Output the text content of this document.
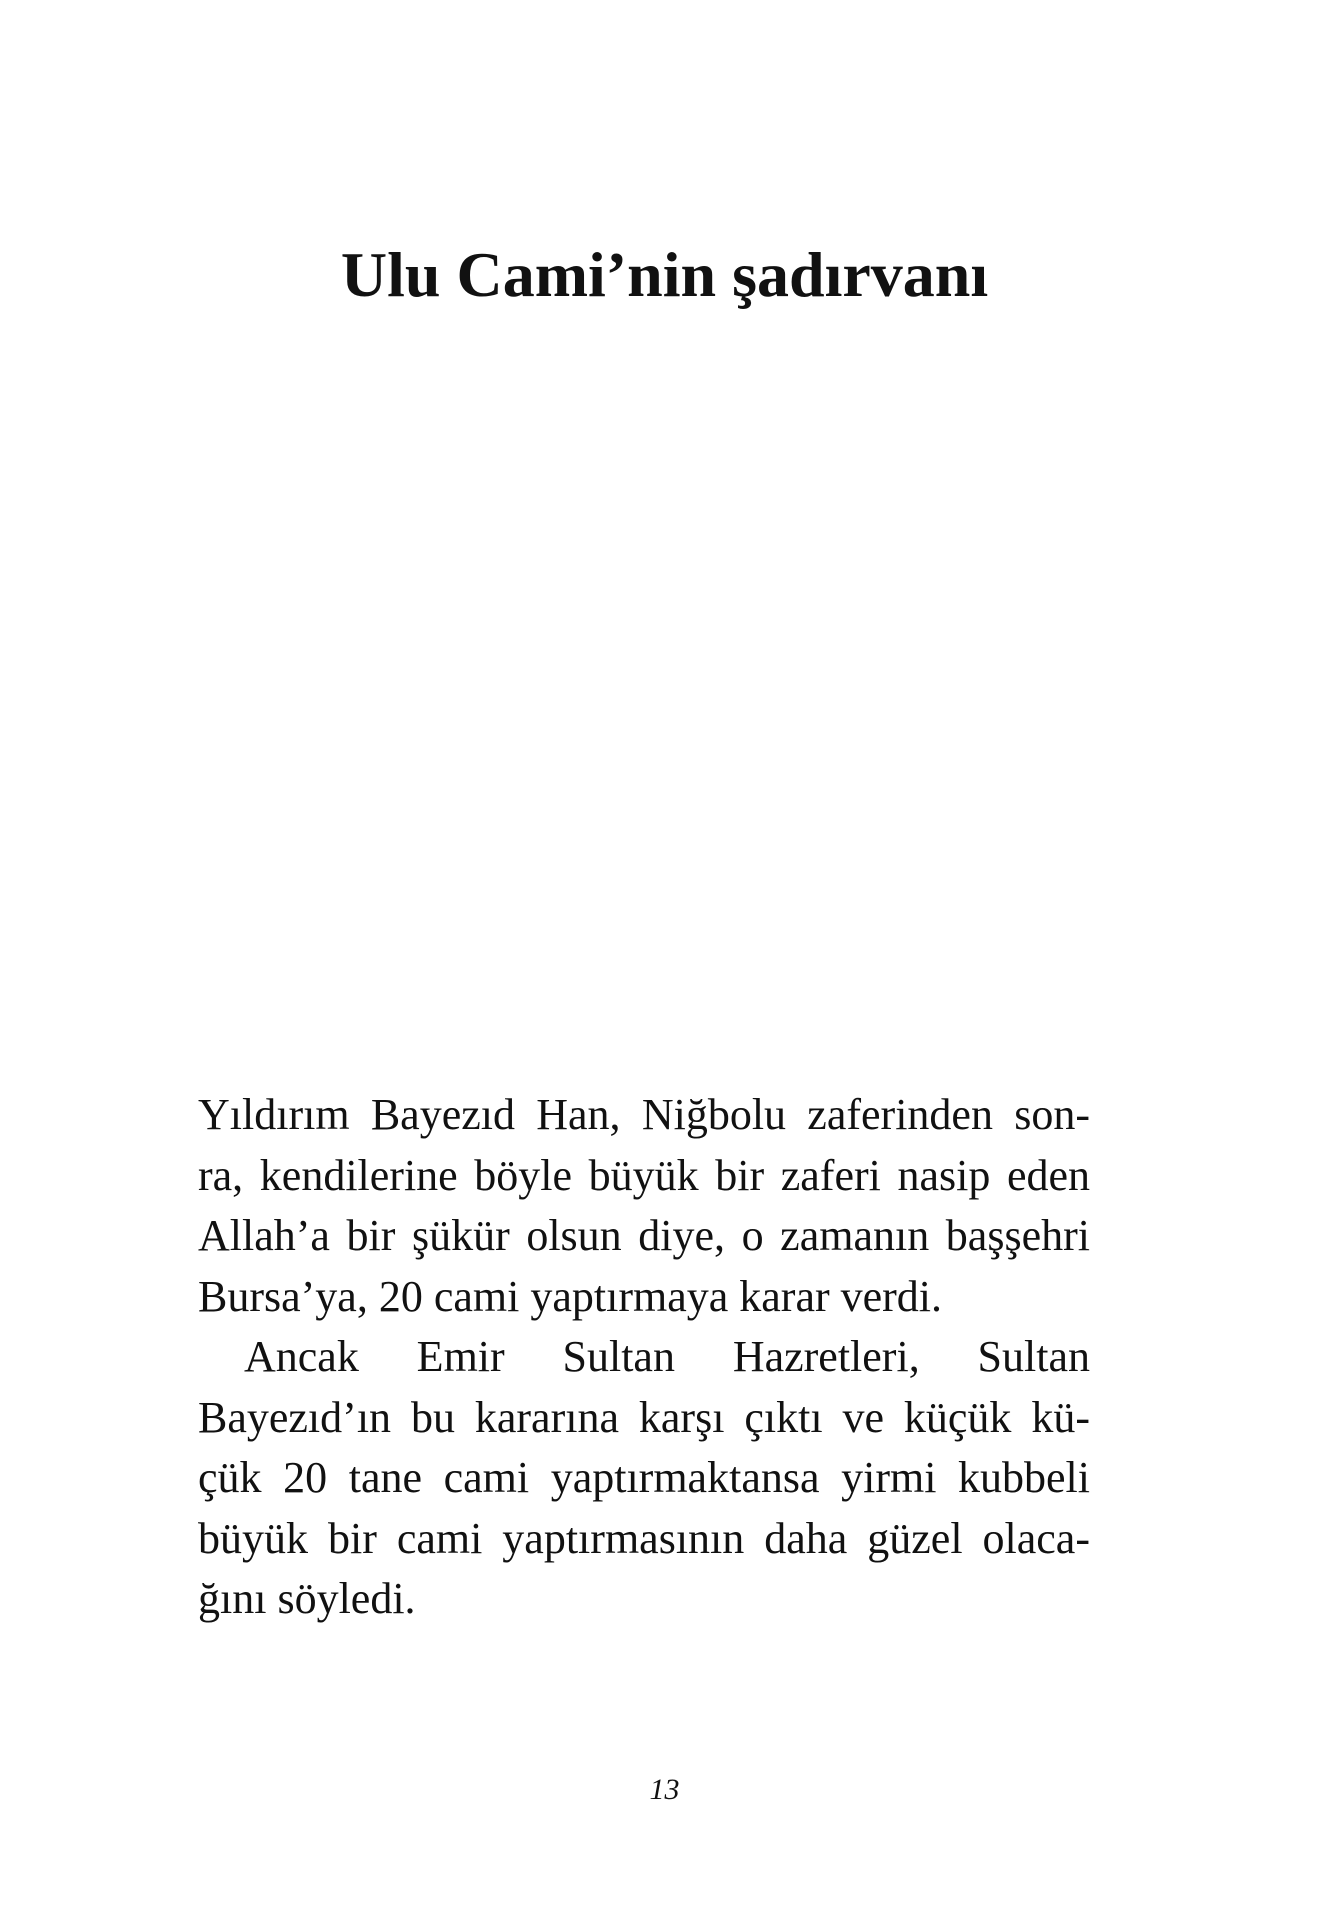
Ulu Cami’nin şadırvanı
Yıldırım Bayezıd Han, Niğbolu zaferinden son-
ra, kendilerine böyle büyük bir zaferi nasip eden
Allah’a bir şükür olsun diye, o zamanın başşehri
Bursa’ya, 20 cami yaptırmaya karar verdi.
Ancak Emir Sultan Hazretleri, Sultan
Bayezıd’ın bu kararına karşı çıktı ve küçük kü-
çük 20 tane cami yaptırmaktansa yirmi kubbeli
büyük bir cami yaptırmasının daha güzel olaca-
ğını söyledi.
13
